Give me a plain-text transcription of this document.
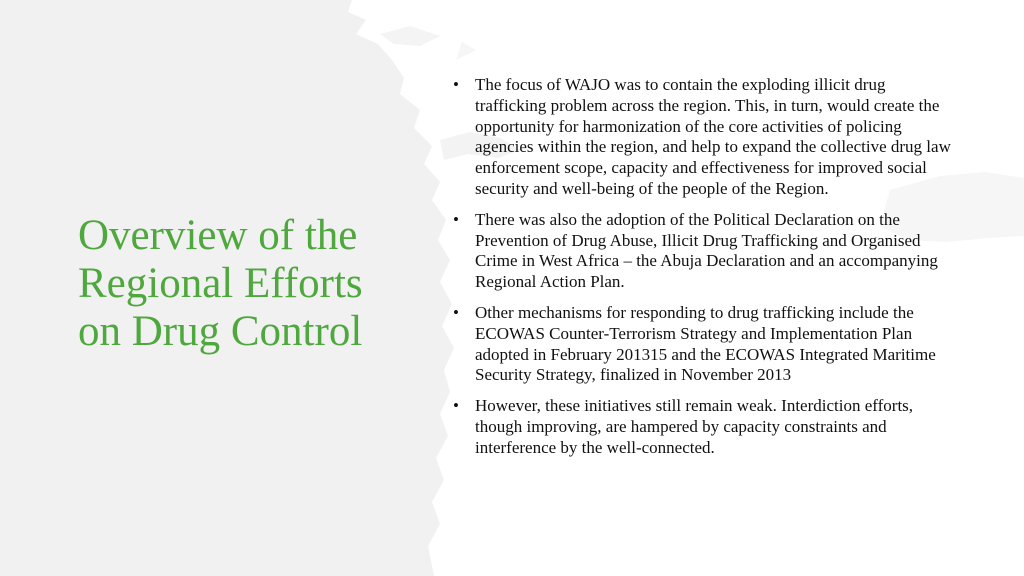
Overview of the
Regional Efforts
on Drug Control
• The focus of WAJO was to contain the exploding illicit drug trafficking problem across the region. This, in turn, would create the opportunity for harmonization of the core activities of policing agencies within the region, and help to expand the collective drug law enforcement scope, capacity and effectiveness for improved social security and well-being of the people of the Region.
• There was also the adoption of the Political Declaration on the Prevention of Drug Abuse, Illicit Drug Trafficking and Organised Crime in West Africa – the Abuja Declaration and an accompanying Regional Action Plan.
• Other mechanisms for responding to drug trafficking include the ECOWAS Counter-Terrorism Strategy and Implementation Plan adopted in February 201315 and the ECOWAS Integrated Maritime Security Strategy, finalized in November 2013
• However, these initiatives still remain weak. Interdiction efforts, though improving, are hampered by capacity constraints and interference by the well-connected.
